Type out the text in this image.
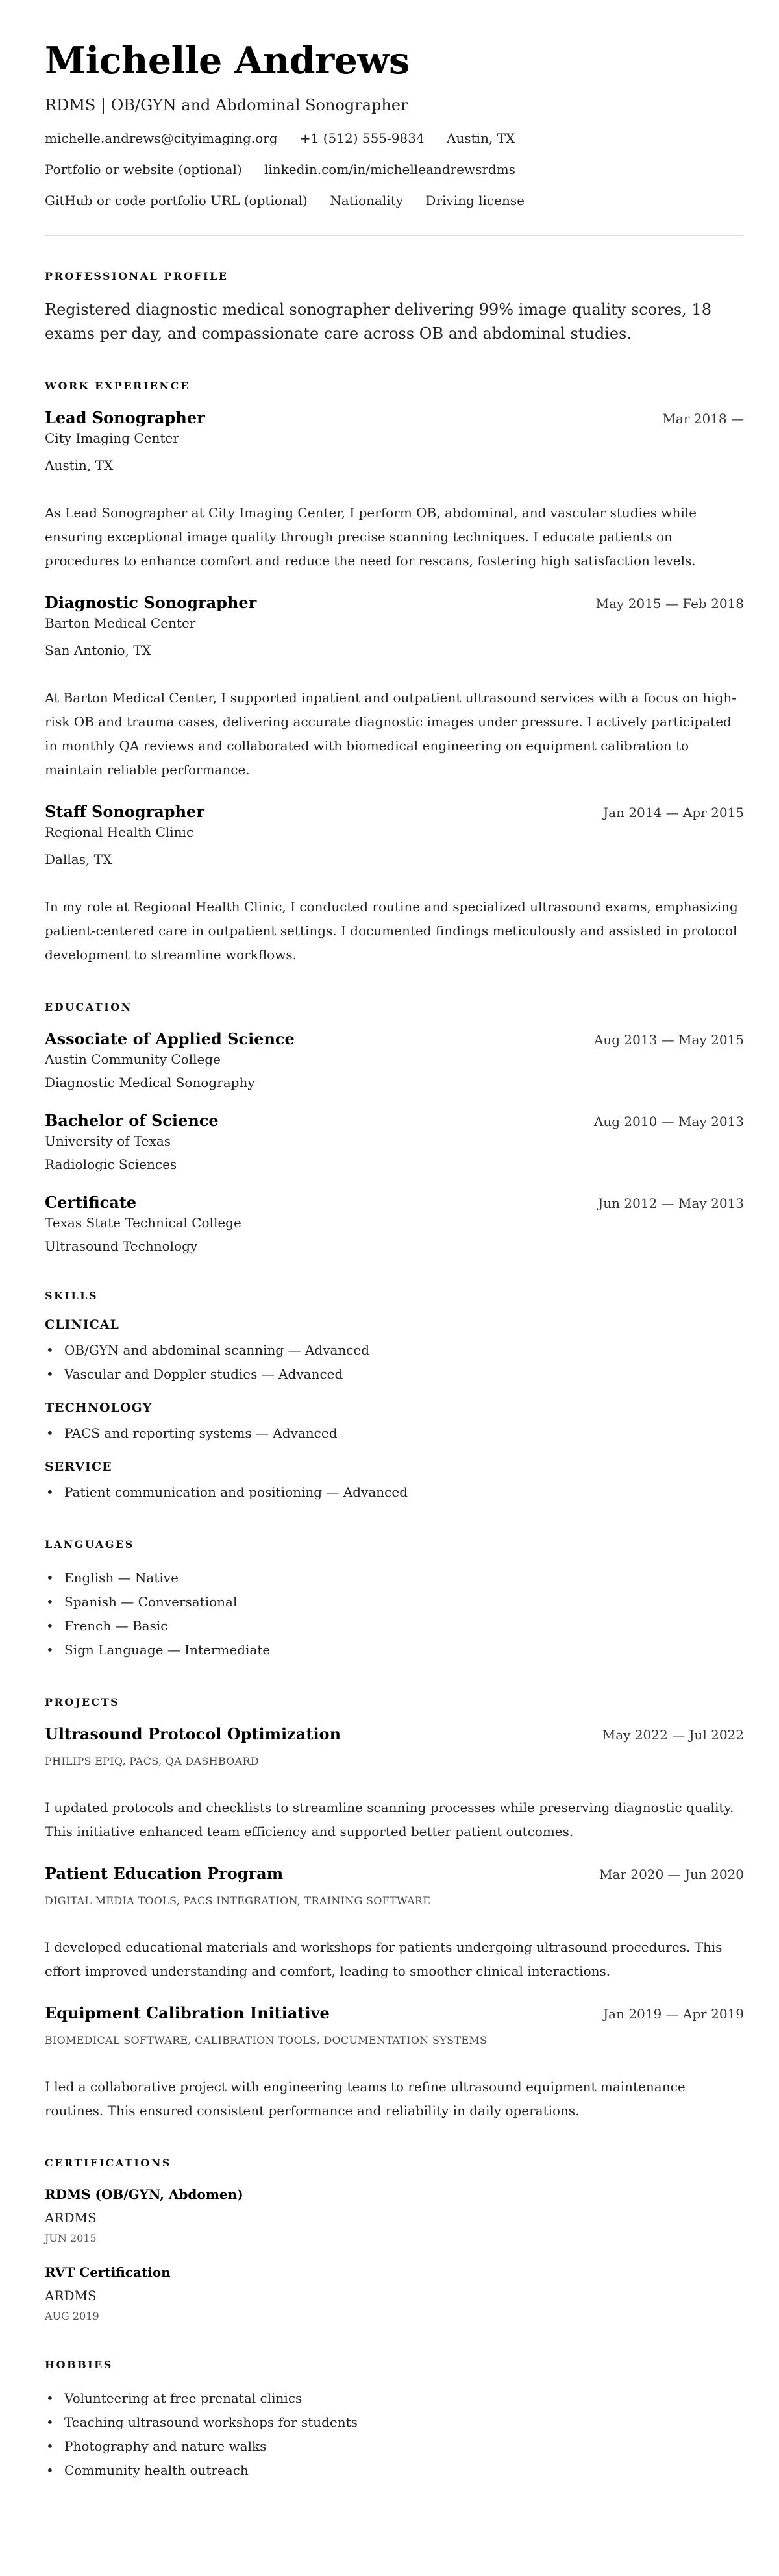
Michelle Andrews
RDMS | OB/GYN and Abdominal Sonographer
michelle.andrews@cityimaging.org +1 (512) 555-9834 Austin, TX
Portfolio or website (optional) linkedin.com/in/michelleandrewsrdms
GitHub or code portfolio URL (optional) Nationality Driving license
PROFESSIONAL PROFILE

Registered diagnostic medical sonographer delivering 99% image quality scores, 18 exams per day, and compassionate care across OB and abdominal studies.

WORK EXPERIENCE
Lead Sonographer	Mar 2018 —
City Imaging Center
Austin, TX

As Lead Sonographer at City Imaging Center, I perform OB, abdominal, and vascular studies while ensuring exceptional image quality through precise scanning techniques. I educate patients on procedures to enhance comfort and reduce the need for rescans, fostering high satisfaction levels.

Diagnostic Sonographer	May 2015 — Feb 2018
Barton Medical Center
San Antonio, TX

At Barton Medical Center, I supported inpatient and outpatient ultrasound services with a focus on high-risk OB and trauma cases, delivering accurate diagnostic images under pressure. I actively participated in monthly QA reviews and collaborated with biomedical engineering on equipment calibration to maintain reliable performance.

Staff Sonographer	Jan 2014 — Apr 2015
Regional Health Clinic
Dallas, TX

In my role at Regional Health Clinic, I conducted routine and specialized ultrasound exams, emphasizing patient-centered care in outpatient settings. I documented findings meticulously and assisted in protocol development to streamline workflows.

EDUCATION
Associate of Applied Science	Aug 2013 — May 2015
Austin Community College
Diagnostic Medical Sonography
Bachelor of Science	Aug 2010 — May 2013
University of Texas
Radiologic Sciences
Certificate	Jun 2012 — May 2013
Texas State Technical College
Ultrasound Technology
SKILLS
CLINICAL
• OB/GYN and abdominal scanning — Advanced
• Vascular and Doppler studies — Advanced
TECHNOLOGY
• PACS and reporting systems — Advanced
SERVICE
• Patient communication and positioning — Advanced
LANGUAGES
• English — Native
• Spanish — Conversational
• French — Basic
• Sign Language — Intermediate
PROJECTS
Ultrasound Protocol Optimization	May 2022 — Jul 2022
PHILIPS EPIQ, PACS, QA DASHBOARD

I updated protocols and checklists to streamline scanning processes while preserving diagnostic quality. This initiative enhanced team efficiency and supported better patient outcomes.

Patient Education Program	Mar 2020 — Jun 2020
DIGITAL MEDIA TOOLS, PACS INTEGRATION, TRAINING SOFTWARE

I developed educational materials and workshops for patients undergoing ultrasound procedures. This effort improved understanding and comfort, leading to smoother clinical interactions.

Equipment Calibration Initiative	Jan 2019 — Apr 2019
BIOMEDICAL SOFTWARE, CALIBRATION TOOLS, DOCUMENTATION SYSTEMS

I led a collaborative project with engineering teams to refine ultrasound equipment maintenance routines. This ensured consistent performance and reliability in daily operations.

CERTIFICATIONS
RDMS (OB/GYN, Abdomen)
ARDMS
JUN 2015
RVT Certification
ARDMS
AUG 2019
HOBBIES
• Volunteering at free prenatal clinics
• Teaching ultrasound workshops for students
• Photography and nature walks
• Community health outreach
